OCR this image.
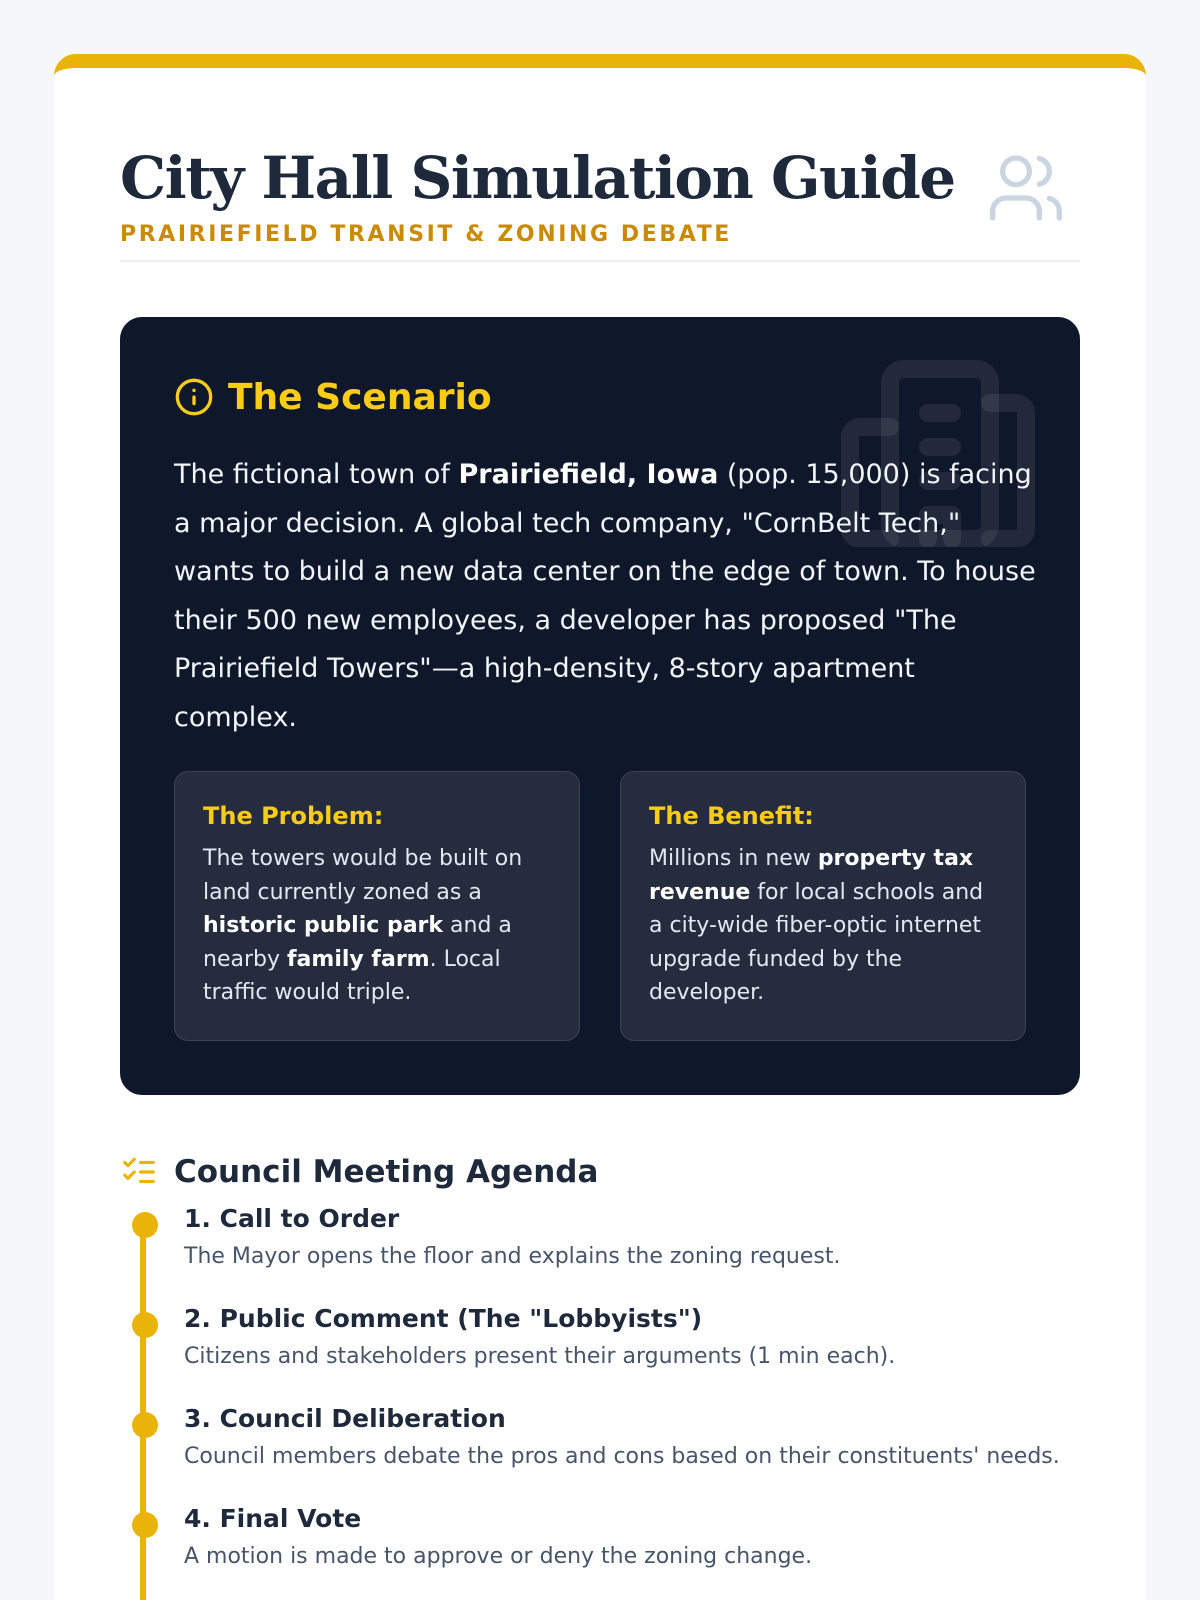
City Hall Simulation Guide
PRAIRIEFIELD TRANSIT & ZONING DEBATE
The Scenario
The fictional town of Prairiefield, Iowa (pop. 15,000) is facing a major decision. A global tech company, "CornBelt Tech," wants to build a new data center on the edge of town. To house their 500 new employees, a developer has proposed "The Prairiefield Towers"—a high-density, 8-story apartment complex.
The Problem:
The towers would be built on land currently zoned as a historic public park and a nearby family farm. Local traffic would triple.
The Benefit:
Millions in new property tax revenue for local schools and a city-wide fiber-optic internet upgrade funded by the developer.
Council Meeting Agenda
1. Call to Order
The Mayor opens the floor and explains the zoning request.
2. Public Comment (The "Lobbyists")
Citizens and stakeholders present their arguments (1 min each).
3. Council Deliberation
Council members debate the pros and cons based on their constituents' needs.
4. Final Vote
A motion is made to approve or deny the zoning change.
